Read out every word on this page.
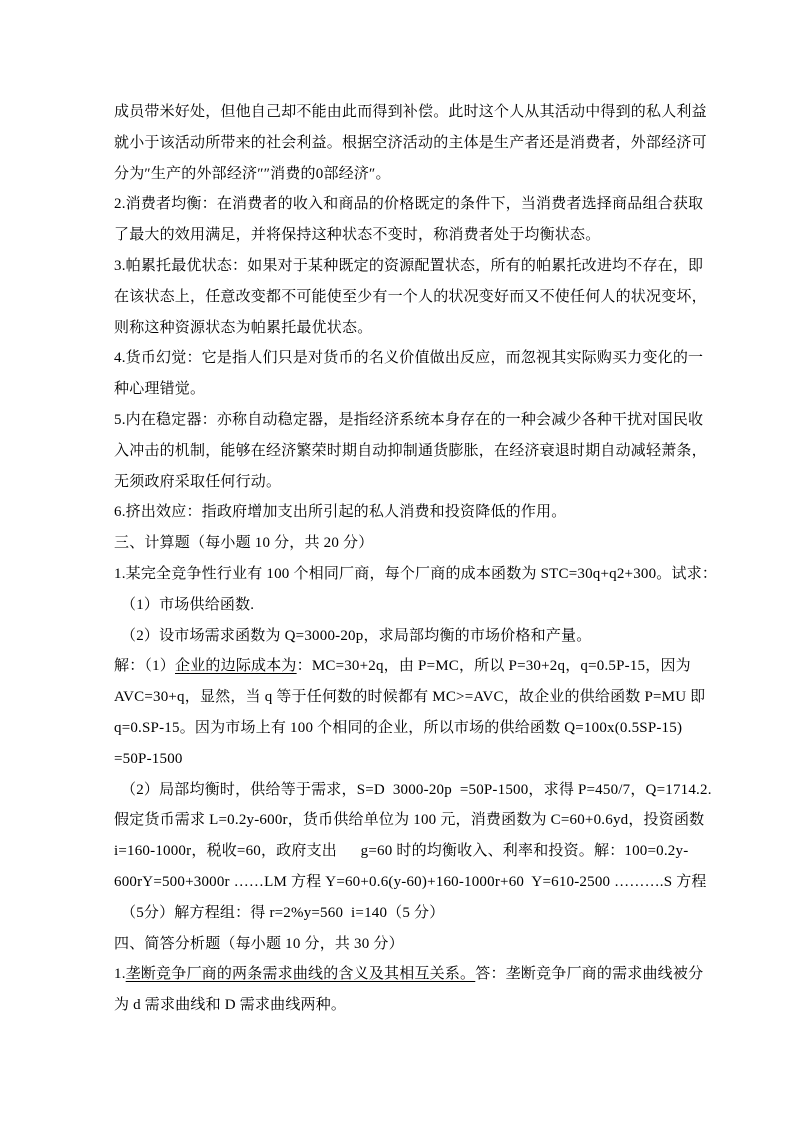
成员带米好处，但他自己却不能由此而得到补偿。此时这个人从其活动中得到的私人利益
就小于该活动所带来的社会利益。根据空济活动的主体是生产者还是消费者，外部经济可
分为″生产的外部经济″″消费的0部经济″。
2.消费者均衡：在消费者的收入和商品的价格既定的条件下，当消费者选择商品组合获取
了最大的效用满足，并将保持这种状态不变时，称消费者处于均衡状态。
3.帕累托最优状态：如果对于某种既定的资源配置状态，所有的帕累托改进均不存在，即
在该状态上，任意改变都不可能使至少有一个人的状况变好而又不使任何人的状况变坏，
则称这种资源状态为帕累托最优状态。
4.货币幻觉：它是指人们只是对货币的名义价值做出反应，而忽视其实际购买力变化的一
种心理错觉。
5.内在稳定器：亦称自动稳定器，是指经济系统本身存在的一种会减少各种干扰对国民收
入冲击的机制，能够在经济繁荣时期自动抑制通货膨胀，在经济衰退时期自动减轻萧条，
无须政府采取任何行动。
6.挤出效应：指政府增加支出所引起的私人消费和投资降低的作用。
三、计算题（每小题 10 分，共 20 分）
1.某完全竞争性行业有 100 个相同厂商，每个厂商的成本函数为 STC=30q+q2+300。试求：
（1）市场供给函数.
（2）设市场需求函数为 Q=3000-20p，求局部均衡的市场价格和产量。
解：（1）企业的边际成本为：MC=30+2q，由 P=MC，所以 P=30+2q，q=0.5P-15，因为
AVC=30+q，显然，当 q 等于任何数的时候都有 MC>=AVC，故企业的供给函数 P=MU 即
q=0.SP-15。因为市场上有 100 个相同的企业，所以市场的供给函数 Q=100x(0.5SP-15)
=50P-1500
（2）局部均衡时，供给等于需求，S=D  3000-20p  =50P-1500，求得 P=450/7，Q=1714.2.
假定货币需求 L=0.2y-600r，货币供给单位为 100 元，消费函数为 C=60+0.6yd，投资函数
i=160-1000r，税收=60，政府支出      g=60 时的均衡收入、利率和投资。解：100=0.2y-
600rY=500+3000r ……LM 方程 Y=60+0.6(y-60)+160-1000r+60  Y=610-2500 ……….S 方程
（5分）解方程组：得 r=2%y=560  i=140（5 分）
四、简答分析题（每小题 10 分，共 30 分）
1.垄断竞争厂商的两条需求曲线的含义及其相互关系。答：垄断竞争厂商的需求曲线被分
为 d 需求曲线和 D 需求曲线两种。
